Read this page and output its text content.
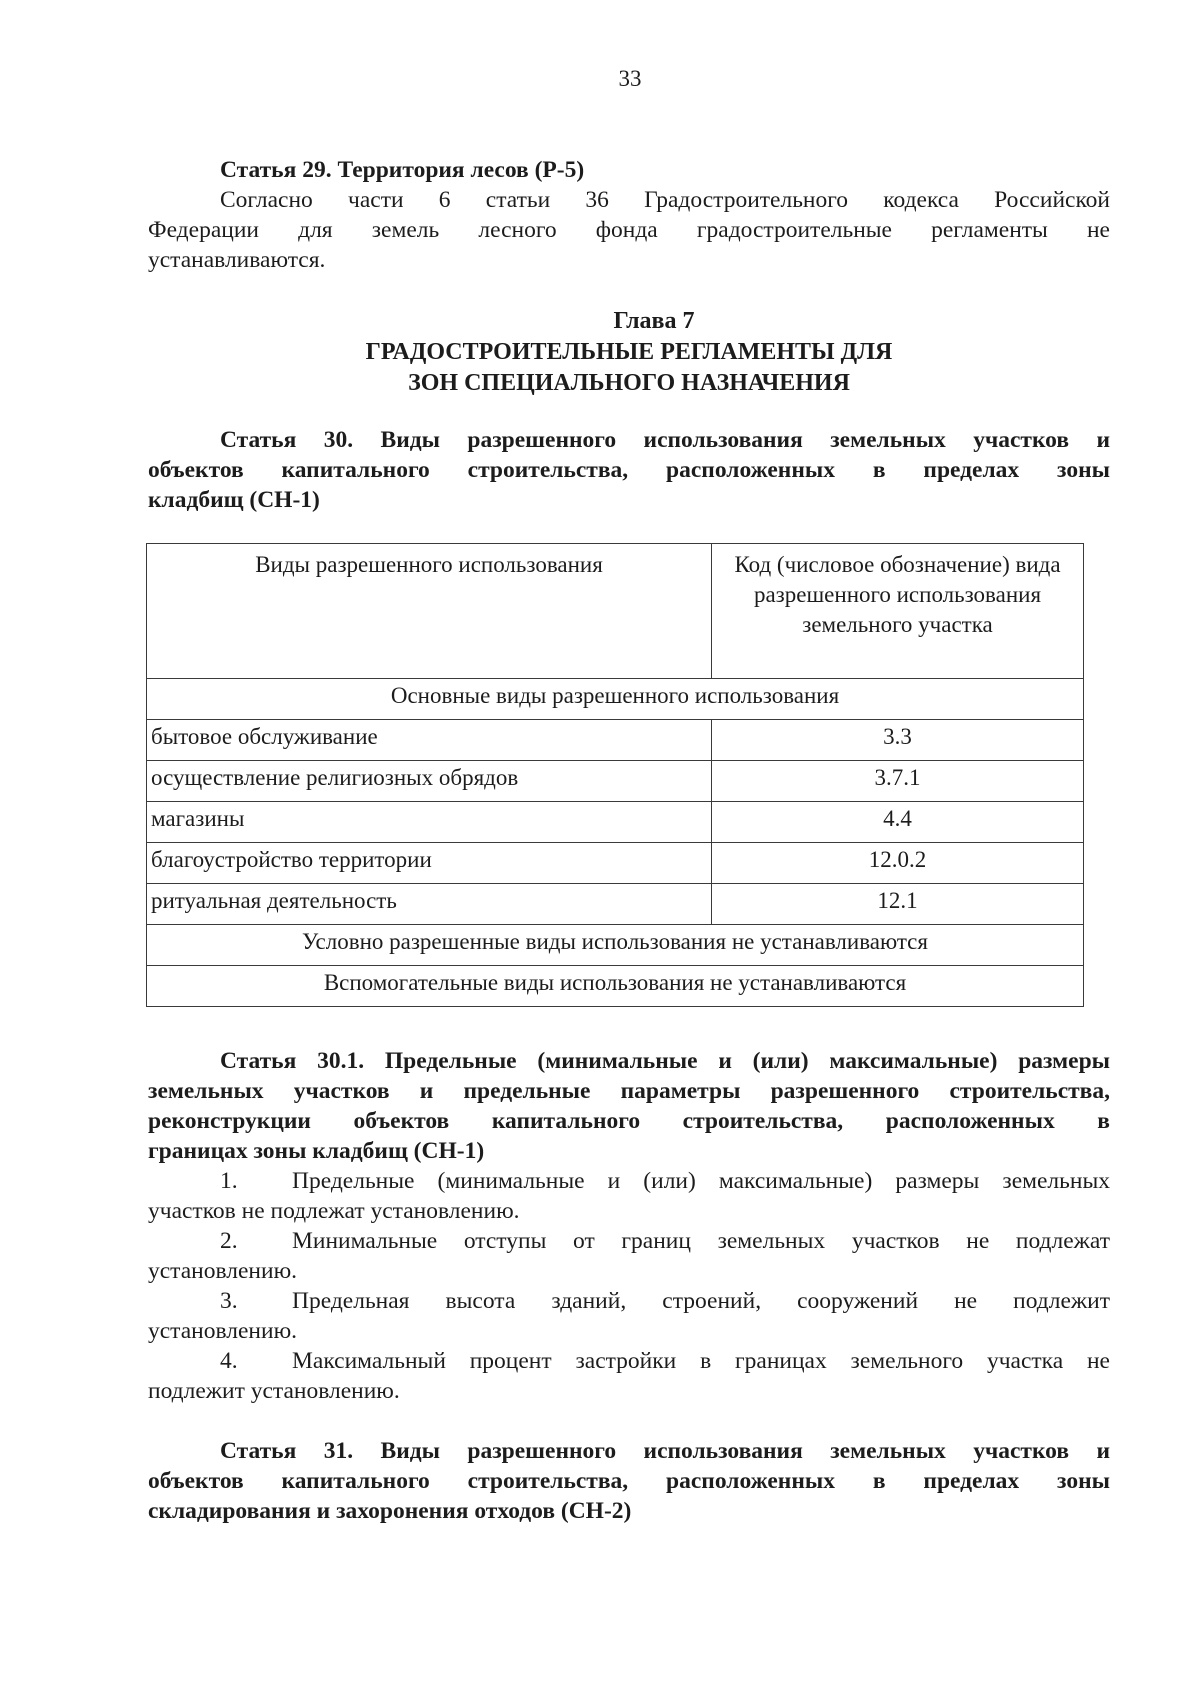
33
Статья 29. Территория лесов (Р-5)
Согласно части 6 статьи 36 Градостроительного кодекса Российской
Федерации для земель лесного фонда градостроительные регламенты не
устанавливаются.
Глава 7
ГРАДОСТРОИТЕЛЬНЫЕ РЕГЛАМЕНТЫ ДЛЯ
ЗОН СПЕЦИАЛЬНОГО НАЗНАЧЕНИЯ
Статья 30. Виды разрешенного использования земельных участков и
объектов капитального строительства, расположенных в пределах зоны
кладбищ (СН-1)
Виды разрешенного использования	Код (числовое обозначение) вида разрешенного использования земельного участка
Основные виды разрешенного использования	
бытовое обслуживание	3.3
осуществление религиозных обрядов	3.7.1
магазины	4.4
благоустройство территории	12.0.2
ритуальная деятельность	12.1
Условно разрешенные виды использования не устанавливаются	
Вспомогательные виды использования не устанавливаются	
Статья 30.1. Предельные (минимальные и (или) максимальные) размеры
земельных участков и предельные параметры разрешенного строительства,
реконструкции объектов капитального строительства, расположенных в
границах зоны кладбищ (СН-1)
1. Предельные (минимальные и (или) максимальные) размеры земельных
участков не подлежат установлению.
2. Минимальные отступы от границ земельных участков не подлежат
установлению.
3. Предельная высота зданий, строений, сооружений не подлежит
установлению.
4. Максимальный процент застройки в границах земельного участка не
подлежит установлению.
Статья 31. Виды разрешенного использования земельных участков и
объектов капитального строительства, расположенных в пределах зоны
складирования и захоронения отходов (СН-2)
